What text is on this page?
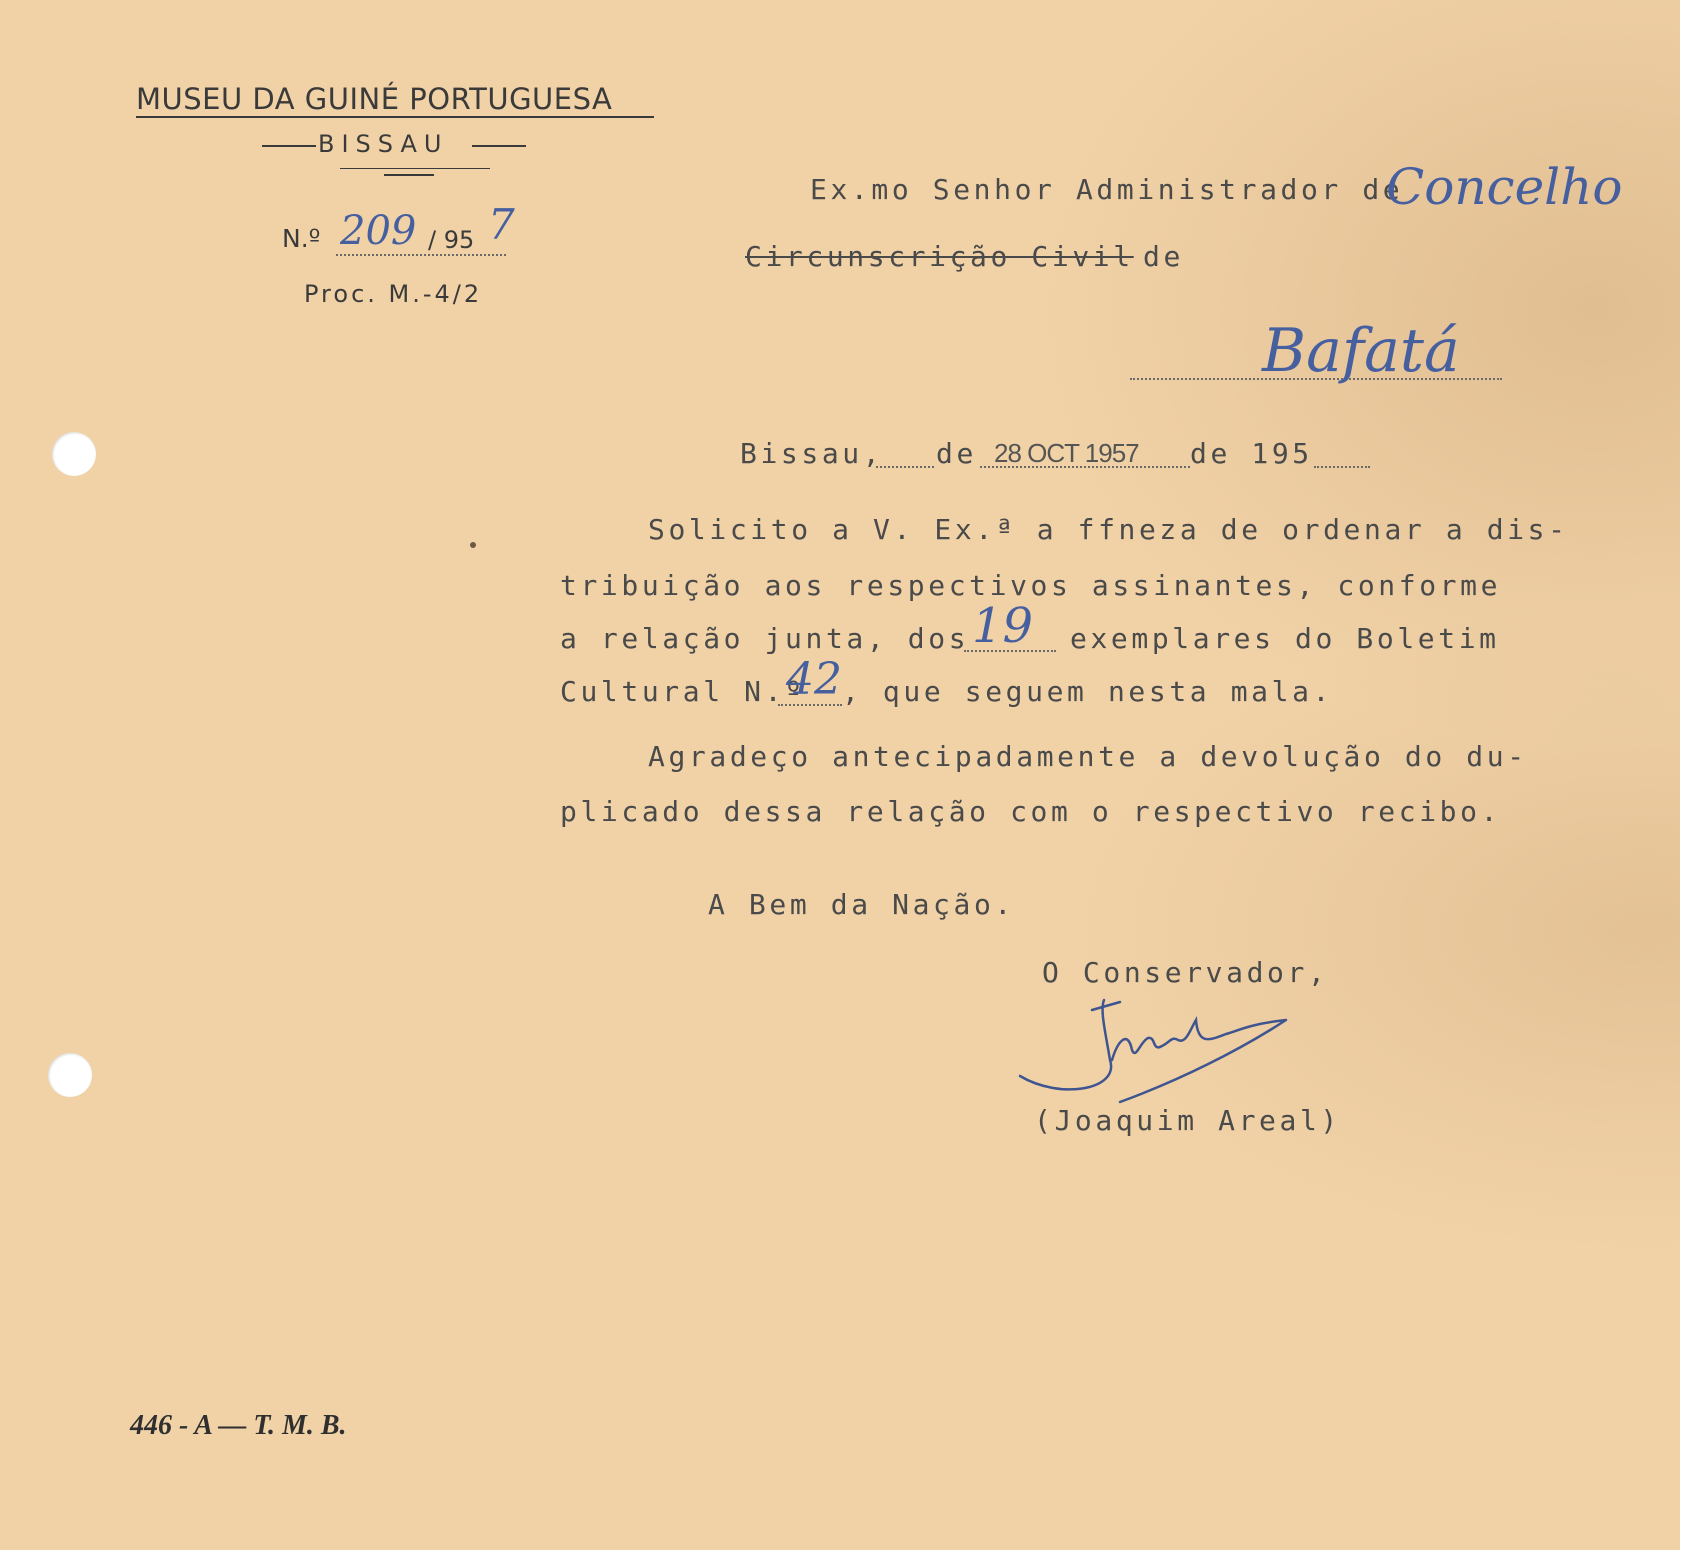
MUSEU DA GUINÉ PORTUGUESA
BISSAU
N.º 209 / 95 7
Proc. M.-4/2
Ex.mo Senhor Administrador de
Concelho
Circunscrição Civil de
Bafatá
Bissau, de 28 OCT 1957 de 195
Solicito a V. Ex.ª a ffneza de ordenar a dis-
tribuição aos respectivos assinantes, conforme
a relação junta, dos 19 exemplares do Boletim
Cultural N.º
42 , que seguem nesta mala.
Agradeço antecipadamente a devolução do du-
plicado dessa relação com o respectivo recibo.
A Bem da Nação.
O Conservador,
(Joaquim Areal)
446 - A — T. M. B.
